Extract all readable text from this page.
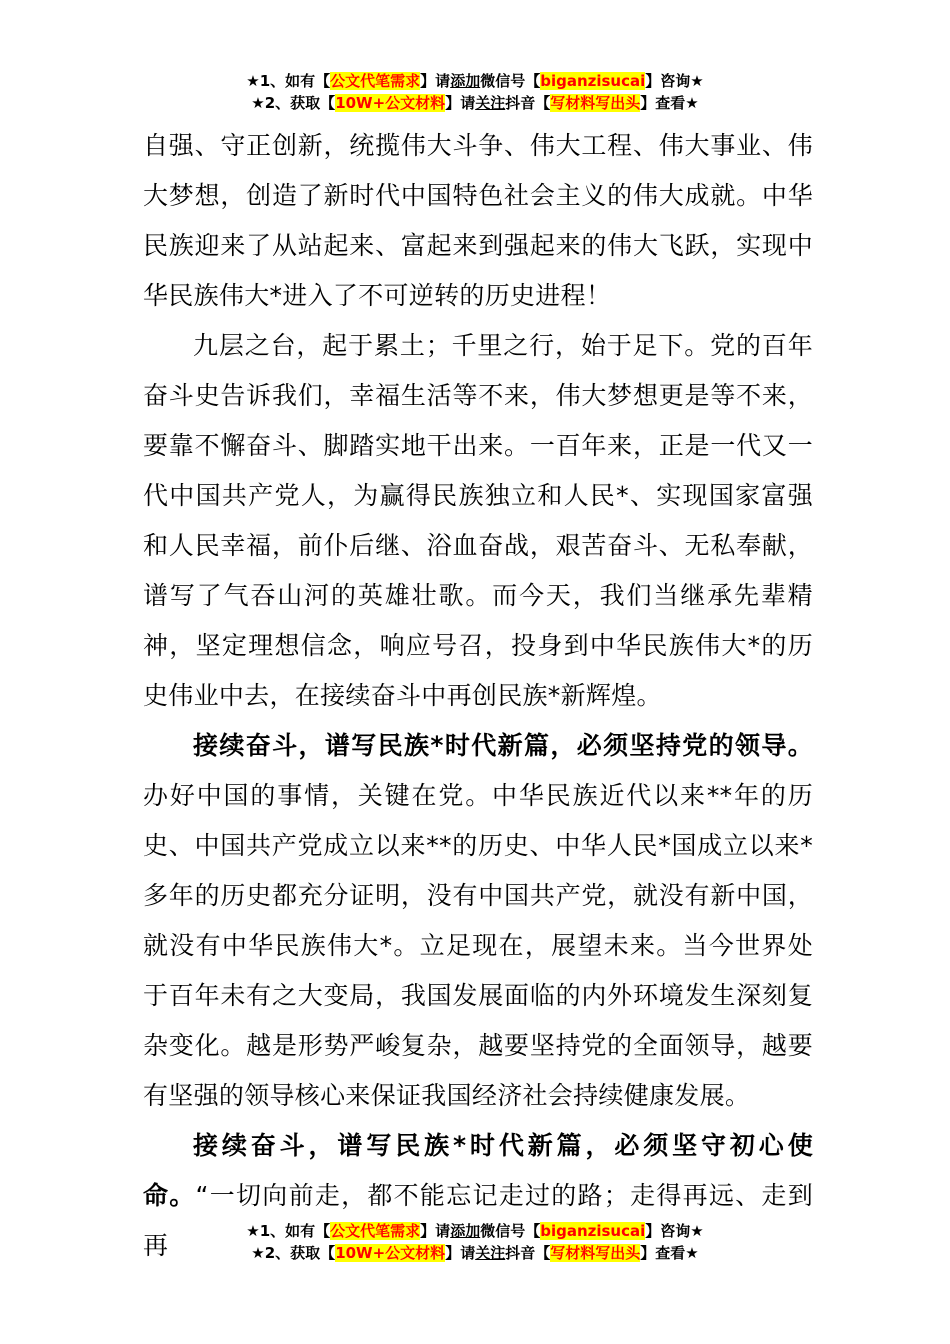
★1、如有【公文代笔需求】请添加微信号【biganzisucai】咨询★
★2、获取【10W+公文材料】请关注抖音【写材料写出头】查看★

自强、守正创新，统揽伟大斗争、伟大工程、伟大事业、伟大梦想，创造了新时代中国特色社会主义的伟大成就。中华民族迎来了从站起来、富起来到强起来的伟大飞跃，实现中华民族伟大*进入了不可逆转的历史进程！

九层之台，起于累土；千里之行，始于足下。党的百年奋斗史告诉我们，幸福生活等不来，伟大梦想更是等不来，要靠不懈奋斗、脚踏实地干出来。一百年来，正是一代又一代中国共产党人，为赢得民族独立和人民*、实现国家富强和人民幸福，前仆后继、浴血奋战，艰苦奋斗、无私奉献，谱写了气吞山河的英雄壮歌。而今天，我们当继承先辈精神，坚定理想信念，响应号召，投身到中华民族伟大*的历史伟业中去，在接续奋斗中再创民族*新辉煌。

接续奋斗，谱写民族*时代新篇，必须坚持党的领导。办好中国的事情，关键在党。中华民族近代以来**年的历史、中国共产党成立以来**的历史、中华人民*国成立以来*多年的历史都充分证明，没有中国共产党，就没有新中国，就没有中华民族伟大*。立足现在，展望未来。当今世界处于百年未有之大变局，我国发展面临的内外环境发生深刻复杂变化。越是形势严峻复杂，越要坚持党的全面领导，越要有坚强的领导核心来保证我国经济社会持续健康发展。

接续奋斗，谱写民族*时代新篇，必须坚守初心使命。“一切向前走，都不能忘记走过的路；走得再远、走到再	★1、如有【公文代笔需求】请添加微信号【biganzisucai】咨询★
★2、获取【10W+公文材料】请关注抖音【写材料写出头】查看★
